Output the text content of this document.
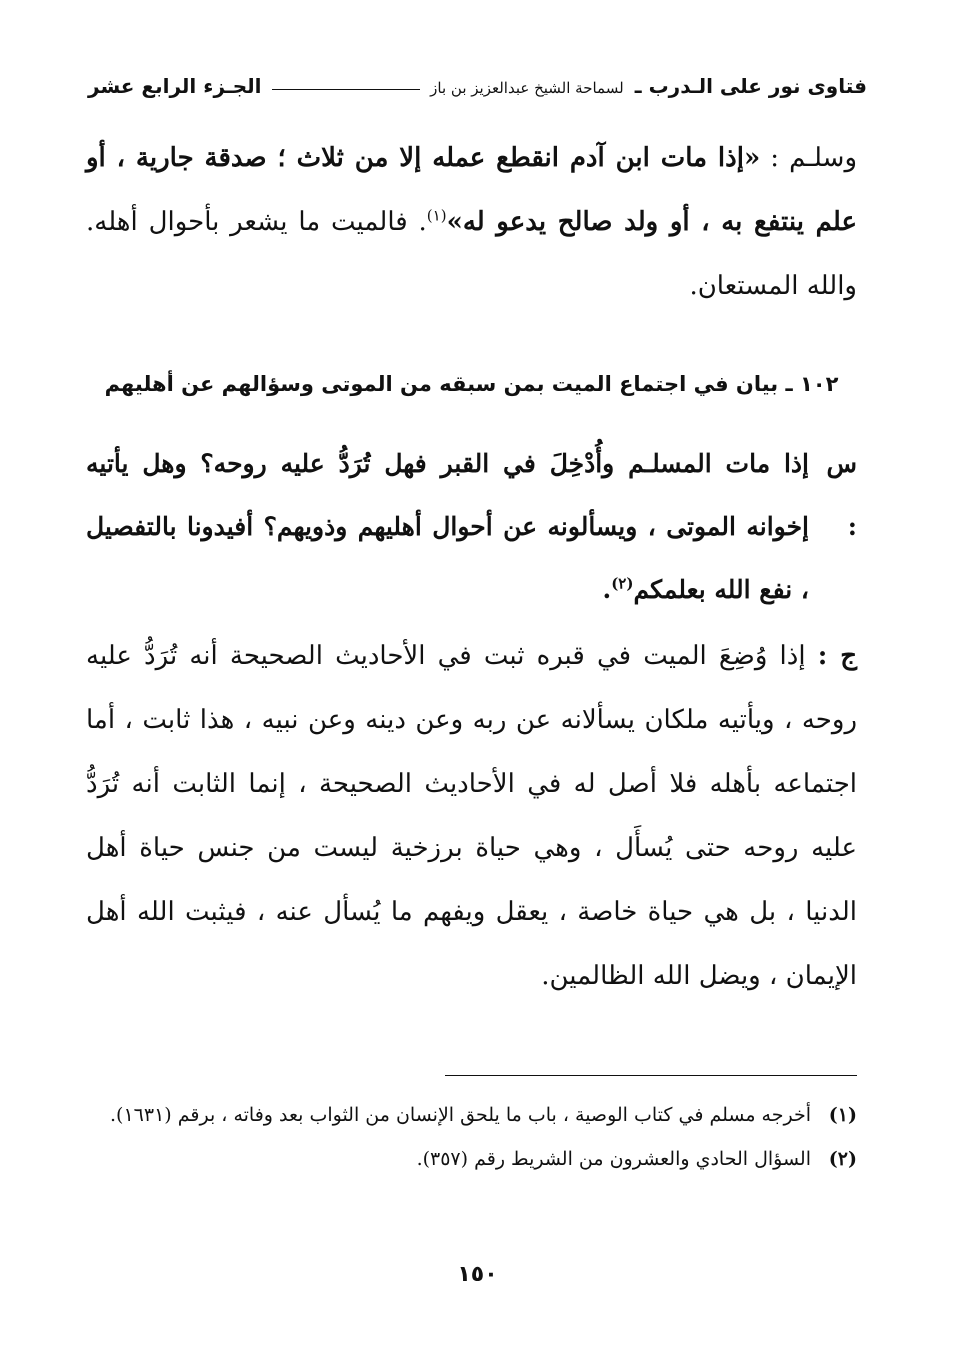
فتاوى نور على الـدرب ـ لسماحة الشيخ عبدالعزيز بن باز
الجـزء الرابع عشر
وسلـم : «إذا مات ابن آدم انقطع عمله إلا من ثلاث ؛ صدقة جارية ، أو علم ينتفع به ، أو ولد صالح يدعو له»$^{(١)}$. فالميت ما يشعر بأحوال أهله. والله المستعان.
١٠٢ ـ بيان في اجتماع الميت بمن سبقه من الموتى وسؤالهم عن أهليهم
س :
إذا مات المسلـم وأُدْخِلَ في القبر فهل تُرَدُّ عليه روحه؟ وهل يأتيه إخوانه الموتى ، ويسألونه عن أحوال أهليهم وذويهم؟ أفيدونا بالتفصيل ، نفع الله بعلمكم$^{(٢)}$.
ج : إذا وُضِعَ الميت في قبره ثبت في الأحاديث الصحيحة أنه تُرَدُّ عليه روحه ، ويأتيه ملكان يسألانه عن ربه وعن دينه وعن نبيه ، هذا ثابت ، أما اجتماعه بأهله فلا أصل له في الأحاديث الصحيحة ، إنما الثابت أنه تُرَدُّ عليه روحه حتى يُسأَل ، وهي حياة برزخية ليست من جنس حياة أهل الدنيا ، بل هي حياة خاصة ، يعقل ويفهم ما يُسأل عنه ، فيثبت الله أهل الإيمان ، ويضل الله الظالمين.
(١)
أخرجه مسلم في كتاب الوصية ، باب ما يلحق الإنسان من الثواب بعد وفاته ، برقم (١٦٣١).
(٢)
السؤال الحادي والعشرون من الشريط رقم (٣٥٧).
١٥٠
